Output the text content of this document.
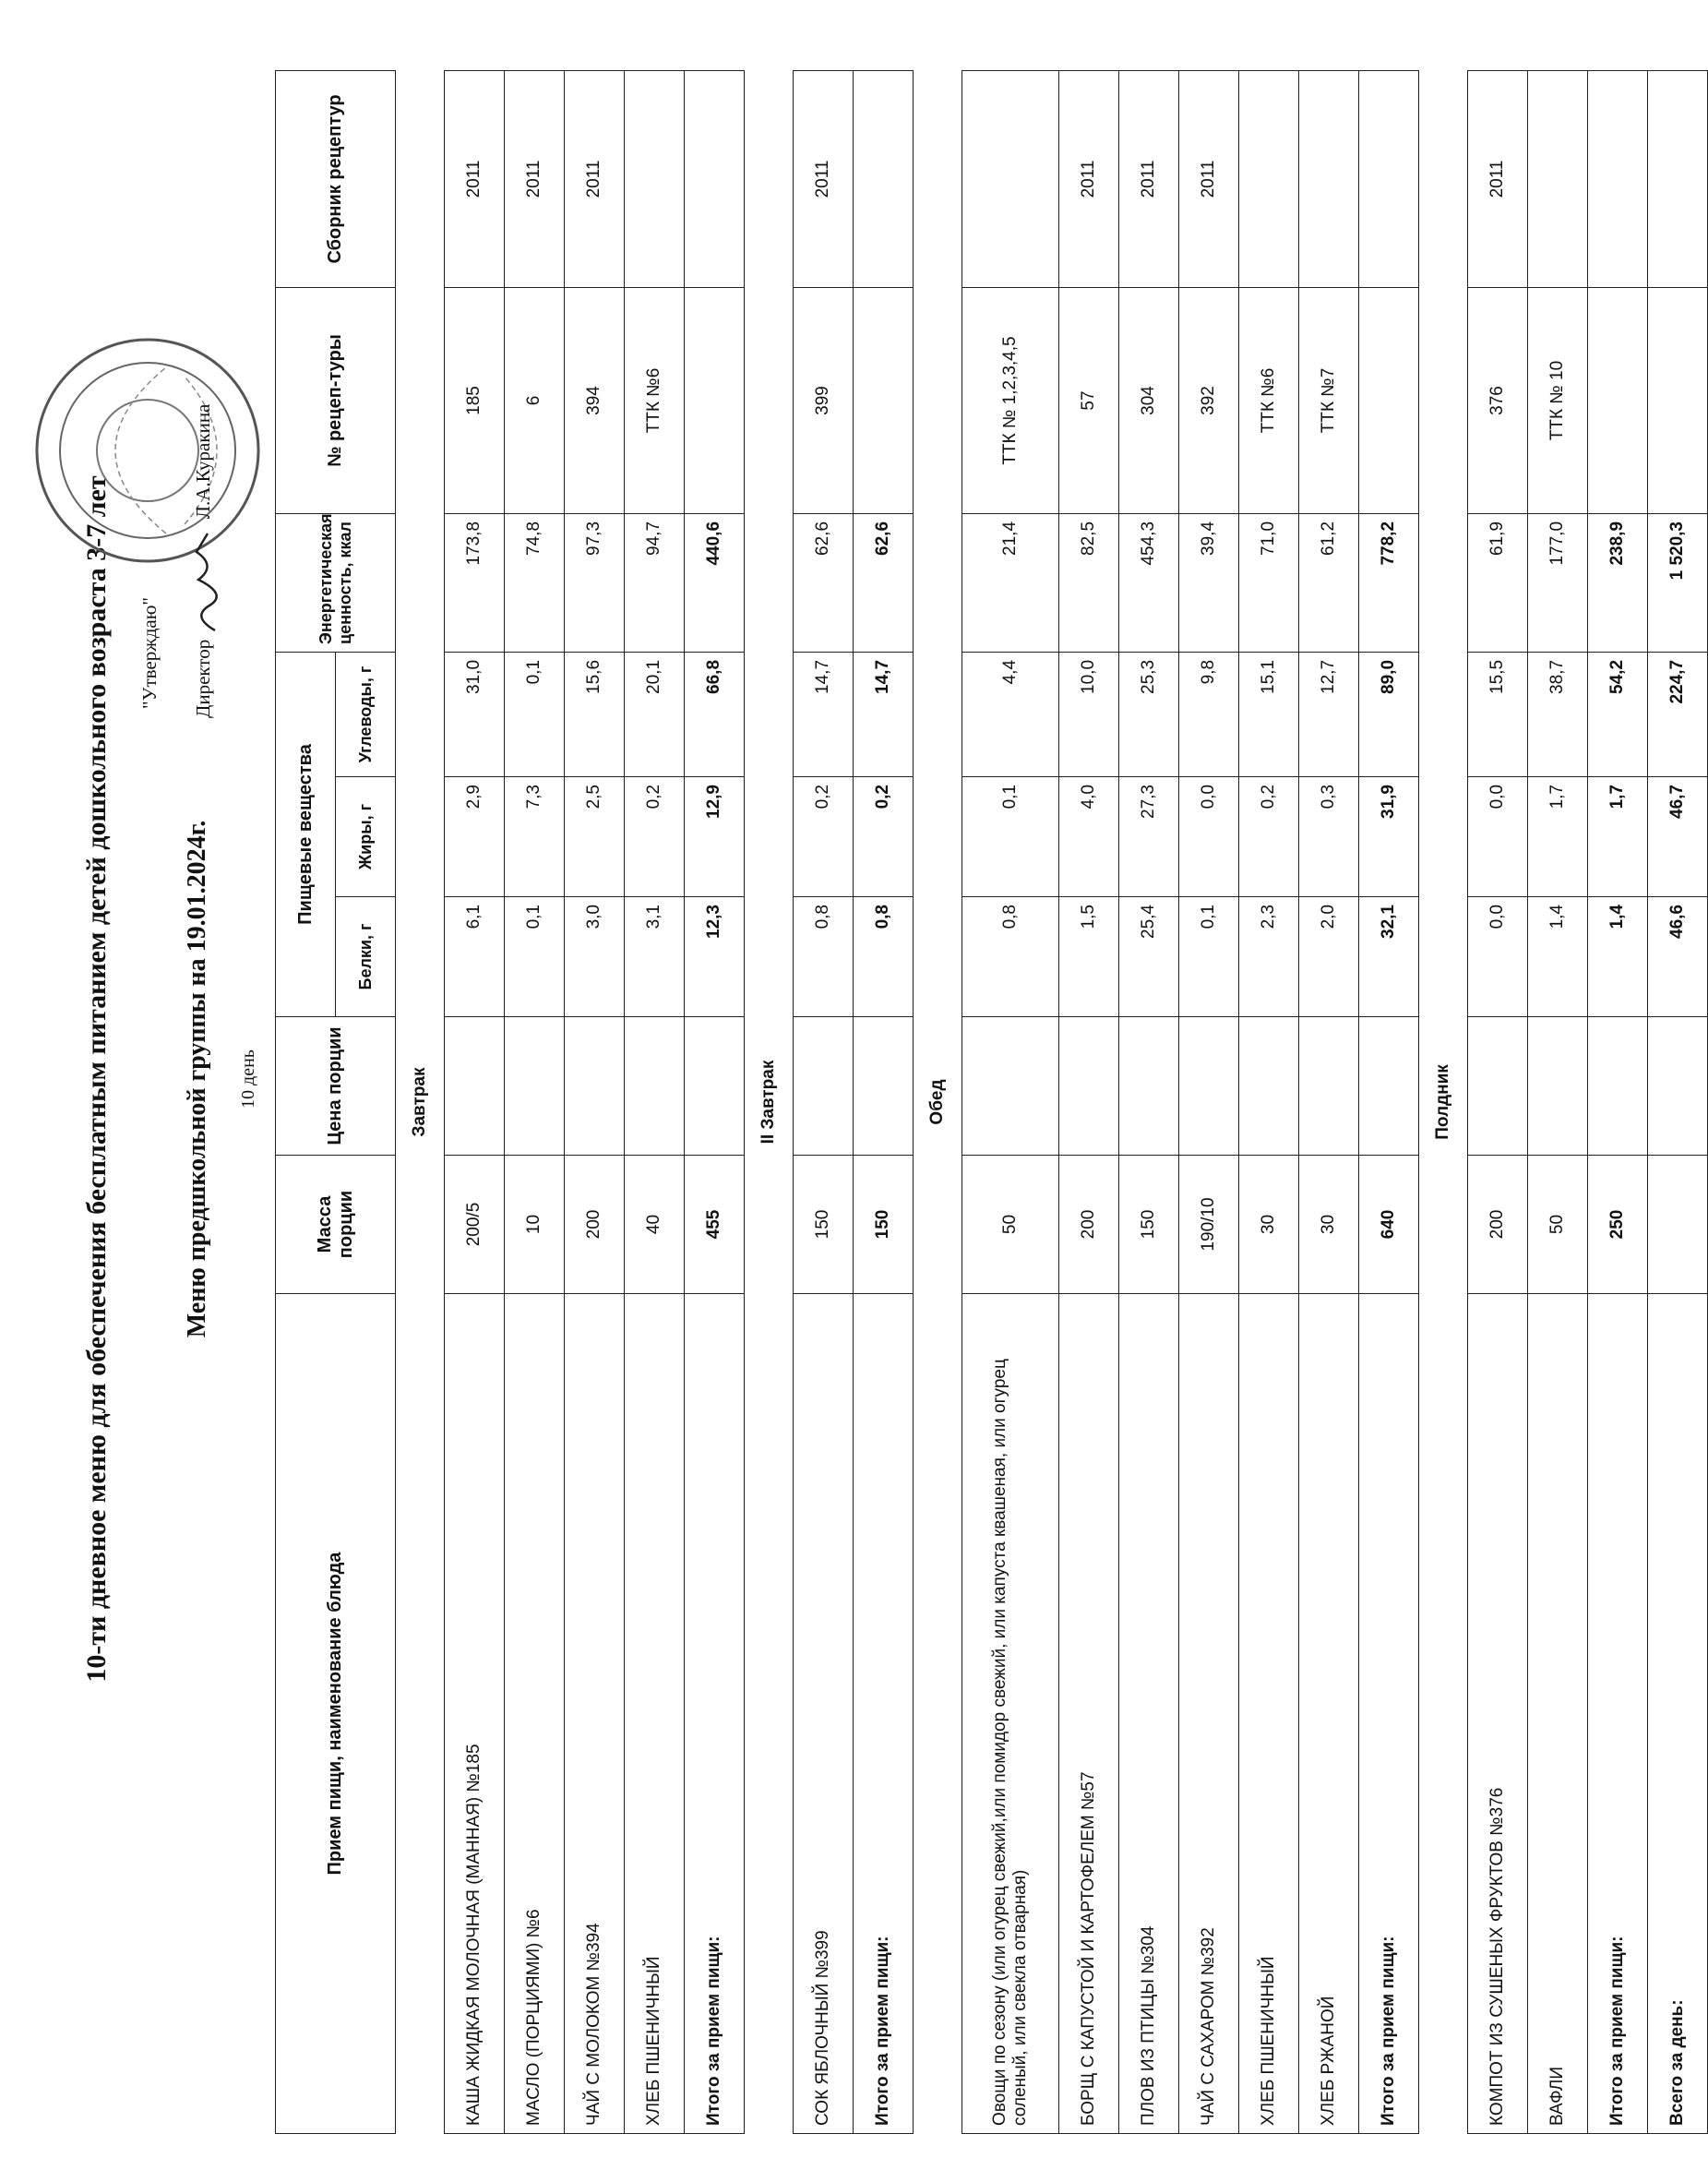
10-ти дневное меню для обеспечения бесплатным питанием детей дошкольного возраста 3-7 лет "Утверждаю" Директор  Л.А.Куракина
Меню предшкольной группы на 19.01.2024г. 10 день
Прием пищи, наименование блюда	Масса порции	Цена порции	Пищевые вещества			Энергетическая ценность, ккал	№ рецеп-туры	Сборник рецептур
			Белки, г	Жиры, г	Углеводы, г			
Завтрак								
КАША ЖИДКАЯ МОЛОЧНАЯ (МАННАЯ) №185	200/5		6,1	2,9	31,0	173,8	185	2011
МАСЛО (ПОРЦИЯМИ) №6	10		0,1	7,3	0,1	74,8	6	2011
ЧАЙ С МОЛОКОМ №394	200		3,0	2,5	15,6	97,3	394	2011
ХЛЕБ ПШЕНИЧНЫЙ	40		3,1	0,2	20,1	94,7	ТТК №6	
Итого за прием пищи:	455		12,3	12,9	66,8	440,6		
II Завтрак								
СОК ЯБЛОЧНЫЙ №399	150		0,8	0,2	14,7	62,6	399	2011
Итого за прием пищи:	150		0,8	0,2	14,7	62,6		
Обед								
Овощи по сезону (или огурец свежий,или помидор свежий, или капуста квашеная, или огурец соленый, или свекла отварная)	50		0,8	0,1	4,4	21,4	ТТК № 1,2,3,4,5	
БОРЩ С КАПУСТОЙ И КАРТОФЕЛЕМ №57	200		1,5	4,0	10,0	82,5	57	2011
ПЛОВ ИЗ ПТИЦЫ №304	150		25,4	27,3	25,3	454,3	304	2011
ЧАЙ С САХАРОМ №392	190/10		0,1	0,0	9,8	39,4	392	2011
ХЛЕБ ПШЕНИЧНЫЙ	30		2,3	0,2	15,1	71,0	ТТК №6	
ХЛЕБ РЖАНОЙ	30		2,0	0,3	12,7	61,2	ТТК №7	
Итого за прием пищи:	640		32,1	31,9	89,0	778,2		
Полдник								
КОМПОТ ИЗ СУШЕНЫХ ФРУКТОВ №376	200		0,0	0,0	15,5	61,9	376	2011
ВАФЛИ	50		1,4	1,7	38,7	177,0	ТТК № 10	
Итого за прием пищи:	250		1,4	1,7	54,2	238,9		
Всего за день:			46,6	46,7	224,7	1 520,3		
